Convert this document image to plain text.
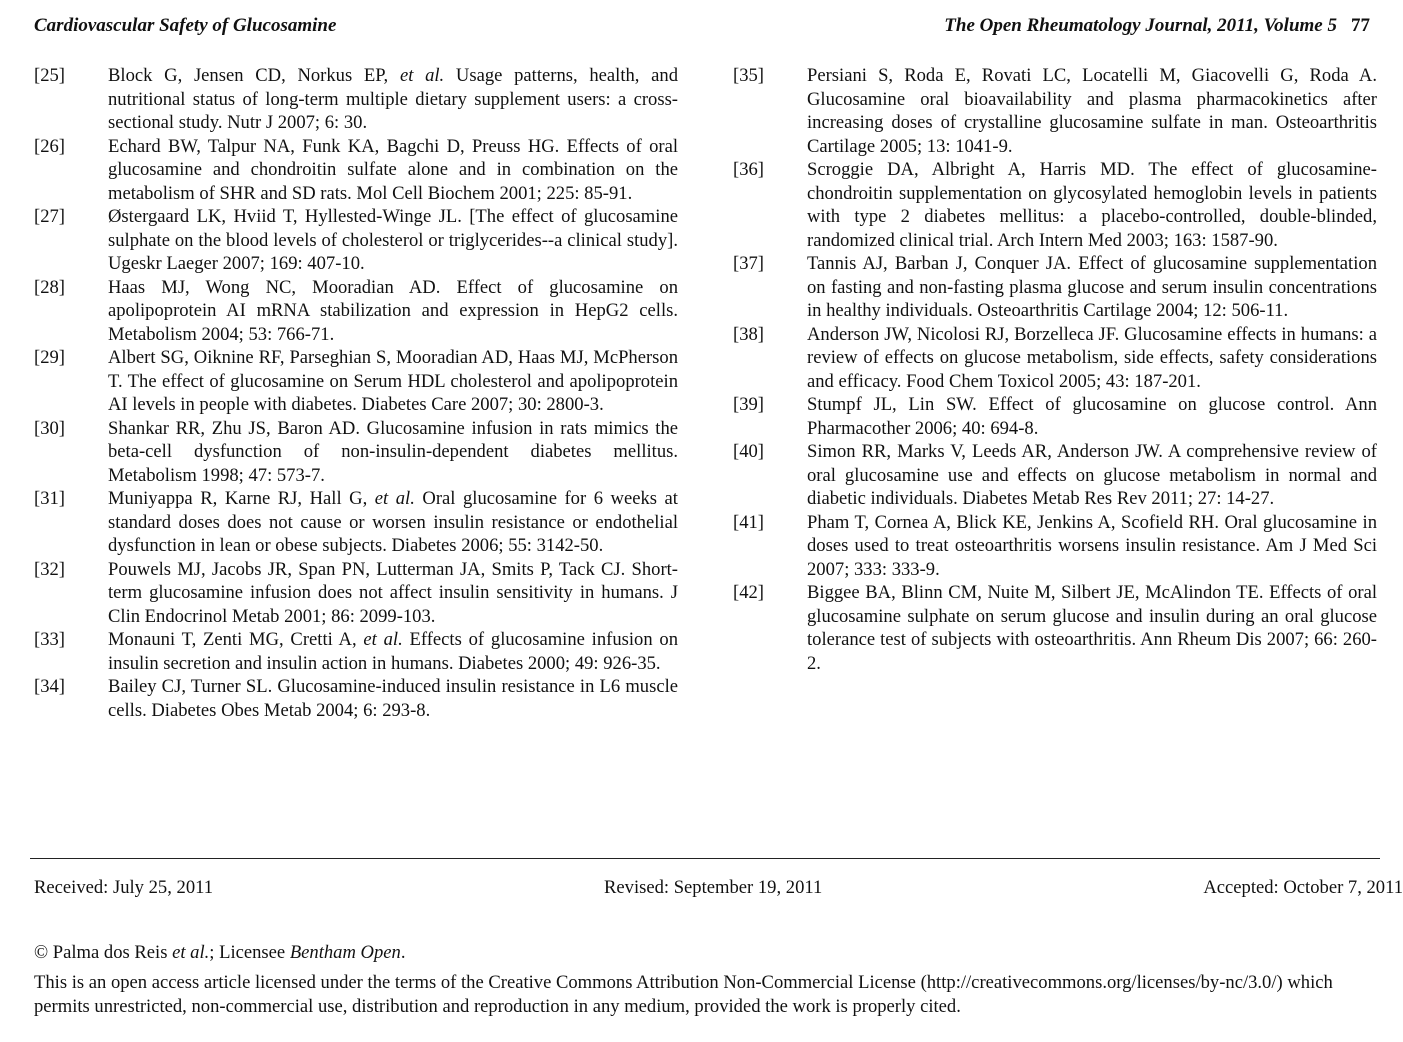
Cardiovascular Safety of Glucosamine	The Open Rheumatology Journal, 2011, Volume 5 77
[25]	Block G, Jensen CD, Norkus EP, et al. Usage patterns, health, and nutritional status of long-term multiple dietary supplement users: a cross-sectional study. Nutr J 2007; 6: 30.
[26]	Echard BW, Talpur NA, Funk KA, Bagchi D, Preuss HG. Effects of oral glucosamine and chondroitin sulfate alone and in combination on the metabolism of SHR and SD rats. Mol Cell Biochem 2001; 225: 85-91.
[27]	Østergaard LK, Hviid T, Hyllested-Winge JL. [The effect of glucosamine sulphate on the blood levels of cholesterol or triglycerides--a clinical study]. Ugeskr Laeger 2007; 169: 407-10.
[28]	Haas MJ, Wong NC, Mooradian AD. Effect of glucosamine on apolipoprotein AI mRNA stabilization and expression in HepG2 cells. Metabolism 2004; 53: 766-71.
[29]	Albert SG, Oiknine RF, Parseghian S, Mooradian AD, Haas MJ, McPherson T. The effect of glucosamine on Serum HDL cholesterol and apolipoprotein AI levels in people with diabetes. Diabetes Care 2007; 30: 2800-3.
[30]	Shankar RR, Zhu JS, Baron AD. Glucosamine infusion in rats mimics the beta-cell dysfunction of non-insulin-dependent diabetes mellitus. Metabolism 1998; 47: 573-7.
[31]	Muniyappa R, Karne RJ, Hall G, et al. Oral glucosamine for 6 weeks at standard doses does not cause or worsen insulin resistance or endothelial dysfunction in lean or obese subjects. Diabetes 2006; 55: 3142-50.
[32]	Pouwels MJ, Jacobs JR, Span PN, Lutterman JA, Smits P, Tack CJ. Short-term glucosamine infusion does not affect insulin sensitivity in humans. J Clin Endocrinol Metab 2001; 86: 2099-103.
[33]	Monauni T, Zenti MG, Cretti A, et al. Effects of glucosamine infusion on insulin secretion and insulin action in humans. Diabetes 2000; 49: 926-35.
[34]	Bailey CJ, Turner SL. Glucosamine-induced insulin resistance in L6 muscle cells. Diabetes Obes Metab 2004; 6: 293-8.
[35]	Persiani S, Roda E, Rovati LC, Locatelli M, Giacovelli G, Roda A. Glucosamine oral bioavailability and plasma pharmacokinetics after increasing doses of crystalline glucosamine sulfate in man. Osteoarthritis Cartilage 2005; 13: 1041-9.
[36]	Scroggie DA, Albright A, Harris MD. The effect of glucosamine-chondroitin supplementation on glycosylated hemoglobin levels in patients with type 2 diabetes mellitus: a placebo-controlled, double-blinded, randomized clinical trial. Arch Intern Med 2003; 163: 1587-90.
[37]	Tannis AJ, Barban J, Conquer JA. Effect of glucosamine supplementation on fasting and non-fasting plasma glucose and serum insulin concentrations in healthy individuals. Osteoarthritis Cartilage 2004; 12: 506-11.
[38]	Anderson JW, Nicolosi RJ, Borzelleca JF. Glucosamine effects in humans: a review of effects on glucose metabolism, side effects, safety considerations and efficacy. Food Chem Toxicol 2005; 43: 187-201.
[39]	Stumpf JL, Lin SW. Effect of glucosamine on glucose control. Ann Pharmacother 2006; 40: 694-8.
[40]	Simon RR, Marks V, Leeds AR, Anderson JW. A comprehensive review of oral glucosamine use and effects on glucose metabolism in normal and diabetic individuals. Diabetes Metab Res Rev 2011; 27: 14-27.
[41]	Pham T, Cornea A, Blick KE, Jenkins A, Scofield RH. Oral glucosamine in doses used to treat osteoarthritis worsens insulin resistance. Am J Med Sci 2007; 333: 333-9.
[42]	Biggee BA, Blinn CM, Nuite M, Silbert JE, McAlindon TE. Effects of oral glucosamine sulphate on serum glucose and insulin during an oral glucose tolerance test of subjects with osteoarthritis. Ann Rheum Dis 2007; 66: 260-2.
Received: July 25, 2011	Revised: September 19, 2011	Accepted: October 7, 2011
© Palma dos Reis et al.; Licensee Bentham Open.
This is an open access article licensed under the terms of the Creative Commons Attribution Non-Commercial License (http://creativecommons.org/licenses/by-nc/3.0/) which permits unrestricted, non-commercial use, distribution and reproduction in any medium, provided the work is properly cited.
